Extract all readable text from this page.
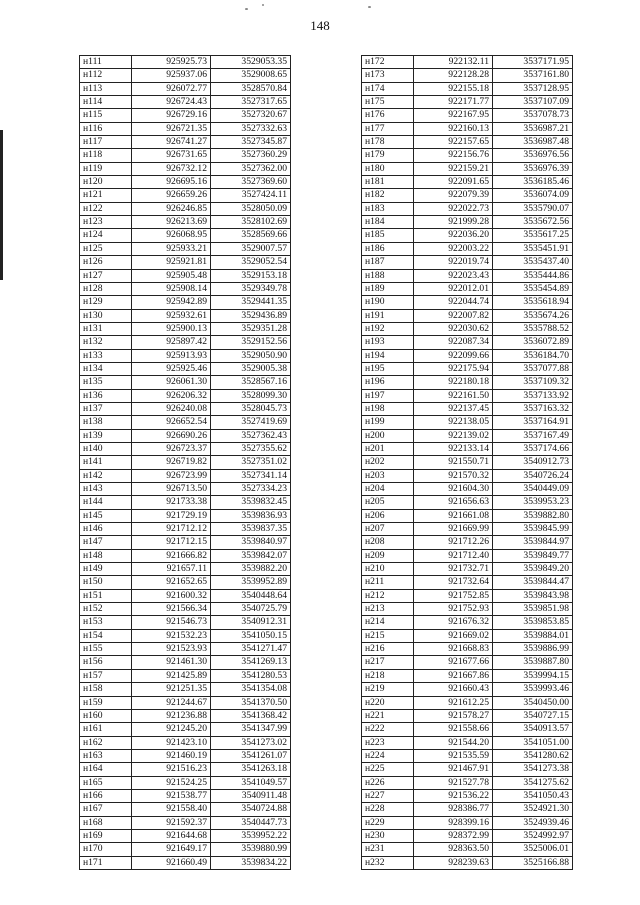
148
н111	925925.73	3529053.35
н112	925937.06	3529008.65
н113	926072.77	3528570.84
н114	926724.43	3527317.65
н115	926729.16	3527320.67
н116	926721.35	3527332.63
н117	926741.27	3527345.87
н118	926731.65	3527360.29
н119	926732.12	3527362.00
н120	926695.16	3527369.60
н121	926659.26	3527424.11
н122	926246.85	3528050.09
н123	926213.69	3528102.69
н124	926068.95	3528569.66
н125	925933.21	3529007.57
н126	925921.81	3529052.54
н127	925905.48	3529153.18
н128	925908.14	3529349.78
н129	925942.89	3529441.35
н130	925932.61	3529436.89
н131	925900.13	3529351.28
н132	925897.42	3529152.56
н133	925913.93	3529050.90
н134	925925.46	3529005.38
н135	926061.30	3528567.16
н136	926206.32	3528099.30
н137	926240.08	3528045.73
н138	926652.54	3527419.69
н139	926690.26	3527362.43
н140	926723.37	3527355.62
н141	926719.82	3527351.02
н142	926723.99	3527341.14
н143	926713.50	3527334.23
н144	921733.38	3539832.45
н145	921729.19	3539836.93
н146	921712.12	3539837.35
н147	921712.15	3539840.97
н148	921666.82	3539842.07
н149	921657.11	3539882.20
н150	921652.65	3539952.89
н151	921600.32	3540448.64
н152	921566.34	3540725.79
н153	921546.73	3540912.31
н154	921532.23	3541050.15
н155	921523.93	3541271.47
н156	921461.30	3541269.13
н157	921425.89	3541280.53
н158	921251.35	3541354.08
н159	921244.67	3541370.50
н160	921236.88	3541368.42
н161	921245.20	3541347.99
н162	921423.10	3541273.02
н163	921460.19	3541261.07
н164	921516.23	3541263.18
н165	921524.25	3541049.57
н166	921538.77	3540911.48
н167	921558.40	3540724.88
н168	921592.37	3540447.73
н169	921644.68	3539952.22
н170	921649.17	3539880.99
н171	921660.49	3539834.22
н172	922132.11	3537171.95
н173	922128.28	3537161.80
н174	922155.18	3537128.95
н175	922171.77	3537107.09
н176	922167.95	3537078.73
н177	922160.13	3536987.21
н178	922157.65	3536987.48
н179	922156.76	3536976.56
н180	922159.21	3536976.39
н181	922091.65	3536185.46
н182	922079.39	3536074.09
н183	922022.73	3535790.07
н184	921999.28	3535672.56
н185	922036.20	3535617.25
н186	922003.22	3535451.91
н187	922019.74	3535437.40
н188	922023.43	3535444.86
н189	922012.01	3535454.89
н190	922044.74	3535618.94
н191	922007.82	3535674.26
н192	922030.62	3535788.52
н193	922087.34	3536072.89
н194	922099.66	3536184.70
н195	922175.94	3537077.88
н196	922180.18	3537109.32
н197	922161.50	3537133.92
н198	922137.45	3537163.32
н199	922138.05	3537164.91
н200	922139.02	3537167.49
н201	922133.14	3537174.66
н202	921550.71	3540912.73
н203	921570.32	3540726.24
н204	921604.30	3540449.09
н205	921656.63	3539953.23
н206	921661.08	3539882.80
н207	921669.99	3539845.99
н208	921712.26	3539844.97
н209	921712.40	3539849.77
н210	921732.71	3539849.20
н211	921732.64	3539844.47
н212	921752.85	3539843.98
н213	921752.93	3539851.98
н214	921676.32	3539853.85
н215	921669.02	3539884.01
н216	921668.83	3539886.99
н217	921677.66	3539887.80
н218	921667.86	3539994.15
н219	921660.43	3539993.46
н220	921612.25	3540450.00
н221	921578.27	3540727.15
н222	921558.66	3540913.57
н223	921544.20	3541051.00
н224	921535.59	3541280.62
н225	921467.91	3541273.38
н226	921527.78	3541275.62
н227	921536.22	3541050.43
н228	928386.77	3524921.30
н229	928399.16	3524939.46
н230	928372.99	3524992.97
н231	928363.50	3525006.01
н232	928239.63	3525166.88
